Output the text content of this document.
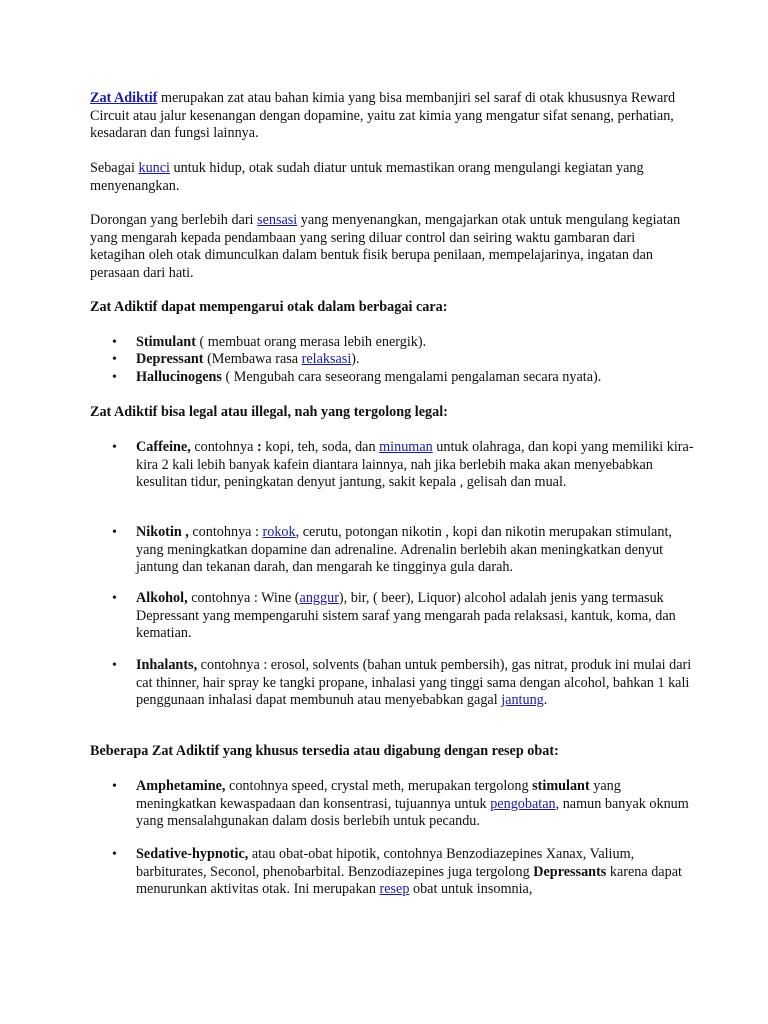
Zat Adiktif merupakan zat atau bahan kimia yang bisa membanjiri sel saraf di otak khususnya Reward Circuit atau jalur kesenangan dengan dopamine, yaitu zat kimia yang mengatur sifat senang, perhatian, kesadaran dan fungsi lainnya.

Sebagai kunci untuk hidup, otak sudah diatur untuk memastikan orang mengulangi kegiatan yang menyenangkan.

Dorongan yang berlebih dari sensasi yang menyenangkan, mengajarkan otak untuk mengulang kegiatan yang mengarah kepada pendambaan yang sering diluar control dan seiring waktu gambaran dari ketagihan oleh otak dimunculkan dalam bentuk fisik berupa penilaan, mempelajarinya, ingatan dan perasaan dari hati.

Zat Adiktif dapat mempengarui otak dalam berbagai cara:

•	Stimulant ( membuat orang merasa lebih energik).

•	Depressant (Membawa rasa relaksasi).

•	Hallucinogens ( Mengubah cara seseorang mengalami pengalaman secara nyata).

Zat Adiktif bisa legal atau illegal, nah yang tergolong legal:

•	Caffeine, contohnya : kopi, teh, soda, dan minuman untuk olahraga, dan kopi yang memiliki kira-kira 2 kali lebih banyak kafein diantara lainnya, nah jika berlebih maka akan menyebabkan kesulitan tidur, peningkatan denyut jantung, sakit kepala , gelisah dan mual.

•	Nikotin , contohnya : rokok, cerutu, potongan nikotin , kopi dan nikotin merupakan stimulant, yang meningkatkan dopamine dan adrenaline. Adrenalin berlebih akan meningkatkan denyut jantung dan tekanan darah, dan mengarah ke tingginya gula darah.

•	Alkohol, contohnya : Wine (anggur), bir, ( beer), Liquor) alcohol adalah jenis yang termasuk Depressant yang mempengaruhi sistem saraf yang mengarah pada relaksasi, kantuk, koma, dan kematian.

•	Inhalants, contohnya : erosol, solvents (bahan untuk pembersih), gas nitrat, produk ini mulai dari cat thinner, hair spray ke tangki propane, inhalasi yang tinggi sama dengan alcohol, bahkan 1 kali penggunaan inhalasi dapat membunuh atau menyebabkan gagal jantung.

Beberapa Zat Adiktif yang khusus tersedia atau digabung dengan resep obat:

•	Amphetamine, contohnya speed, crystal meth, merupakan tergolong stimulant yang meningkatkan kewaspadaan dan konsentrasi, tujuannya untuk pengobatan, namun banyak oknum yang mensalahgunakan dalam dosis berlebih untuk pecandu.

•	Sedative-hypnotic, atau obat-obat hipotik, contohnya Benzodiazepines Xanax, Valium, barbiturates, Seconol, phenobarbital. Benzodiazepines juga tergolong Depressants karena dapat menurunkan aktivitas otak. Ini merupakan resep obat untuk insomnia,
